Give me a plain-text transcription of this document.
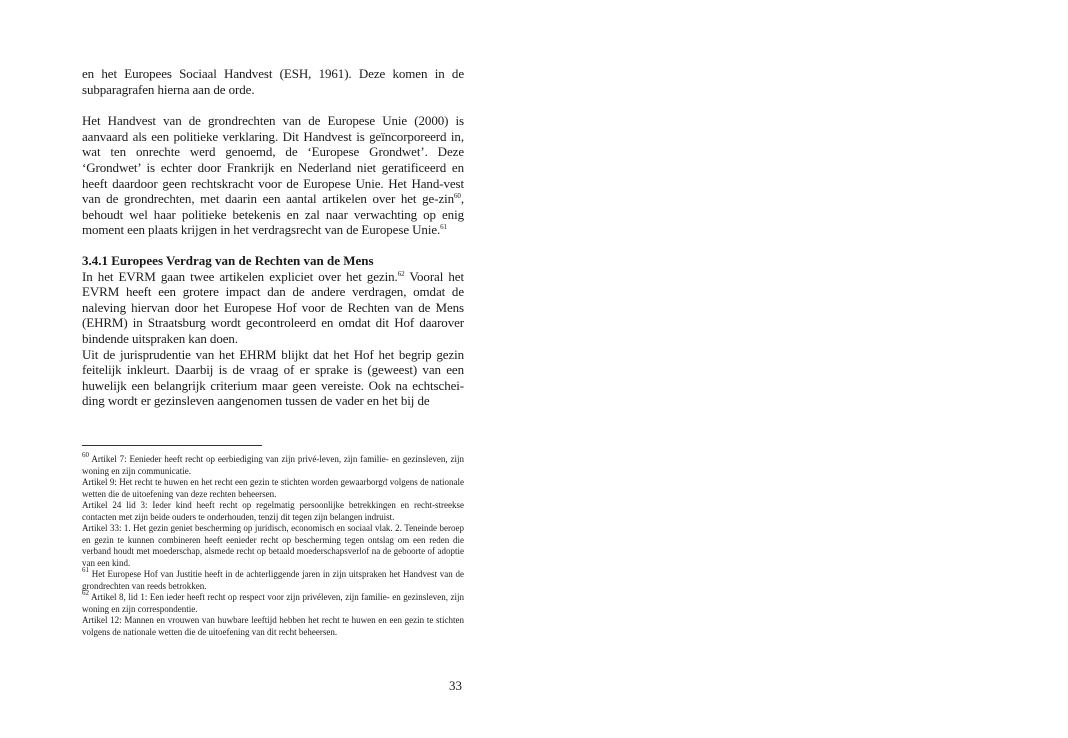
en het Europees Sociaal Handvest (ESH, 1961). Deze komen in de subparagrafen hierna aan de orde.

Het Handvest van de grondrechten van de Europese Unie (2000) is aanvaard als een politieke verklaring. Dit Handvest is geïncorporeerd in, wat ten onrechte werd genoemd, de ‘Europese Grondwet’. Deze ‘Grondwet’ is echter door Frankrijk en Nederland niet geratificeerd en heeft daardoor geen rechtskracht voor de Europese Unie. Het Hand-vest van de grondrechten, met daarin een aantal artikelen over het ge-zin$^{60}$, behoudt wel haar politieke betekenis en zal naar verwachting op enig moment een plaats krijgen in het verdragsrecht van de Europese Unie.$^{61}$

3.4.1 Europees Verdrag van de Rechten van de Mens

In het EVRM gaan twee artikelen expliciet over het gezin.$^{62}$ Vooral het EVRM heeft een grotere impact dan de andere verdragen, omdat de naleving hiervan door het Europese Hof voor de Rechten van de Mens (EHRM) in Straatsburg wordt gecontroleerd en omdat dit Hof daarover bindende uitspraken kan doen.

Uit de jurisprudentie van het EHRM blijkt dat het Hof het begrip gezin feitelijk inkleurt. Daarbij is de vraag of er sprake is (geweest) van een huwelijk een belangrijk criterium maar geen vereiste. Ook na echtschei-ding wordt er gezinsleven aangenomen tussen de vader en het bij de

$^{60}$ Artikel 7: Eenieder heeft recht op eerbiediging van zijn privé-leven, zijn familie- en gezinsleven, zijn woning en zijn communicatie.

Artikel 9: Het recht te huwen en het recht een gezin te stichten worden gewaarborgd volgens de nationale wetten die de uitoefening van deze rechten beheersen.

Artikel 24 lid 3: Ieder kind heeft recht op regelmatig persoonlijke betrekkingen en recht-streekse contacten met zijn beide ouders te onderhouden, tenzij dit tegen zijn belangen indruist.

Artikel 33: 1. Het gezin geniet bescherming op juridisch, economisch en sociaal vlak. 2. Teneinde beroep en gezin te kunnen combineren heeft eenieder recht op bescherming tegen ontslag om een reden die verband houdt met moederschap, alsmede recht op betaald moederschapsverlof na de geboorte of adoptie van een kind.

$^{61}$ Het Europese Hof van Justitie heeft in de achterliggende jaren in zijn uitspraken het Handvest van de grondrechten van reeds betrokken.

$^{62}$ Artikel 8, lid 1: Een ieder heeft recht op respect voor zijn privéleven, zijn familie- en gezinsleven, zijn woning en zijn correspondentie.

Artikel 12: Mannen en vrouwen van huwbare leeftijd hebben het recht te huwen en een gezin te stichten volgens de nationale wetten die de uitoefening van dit recht beheersen.

33
